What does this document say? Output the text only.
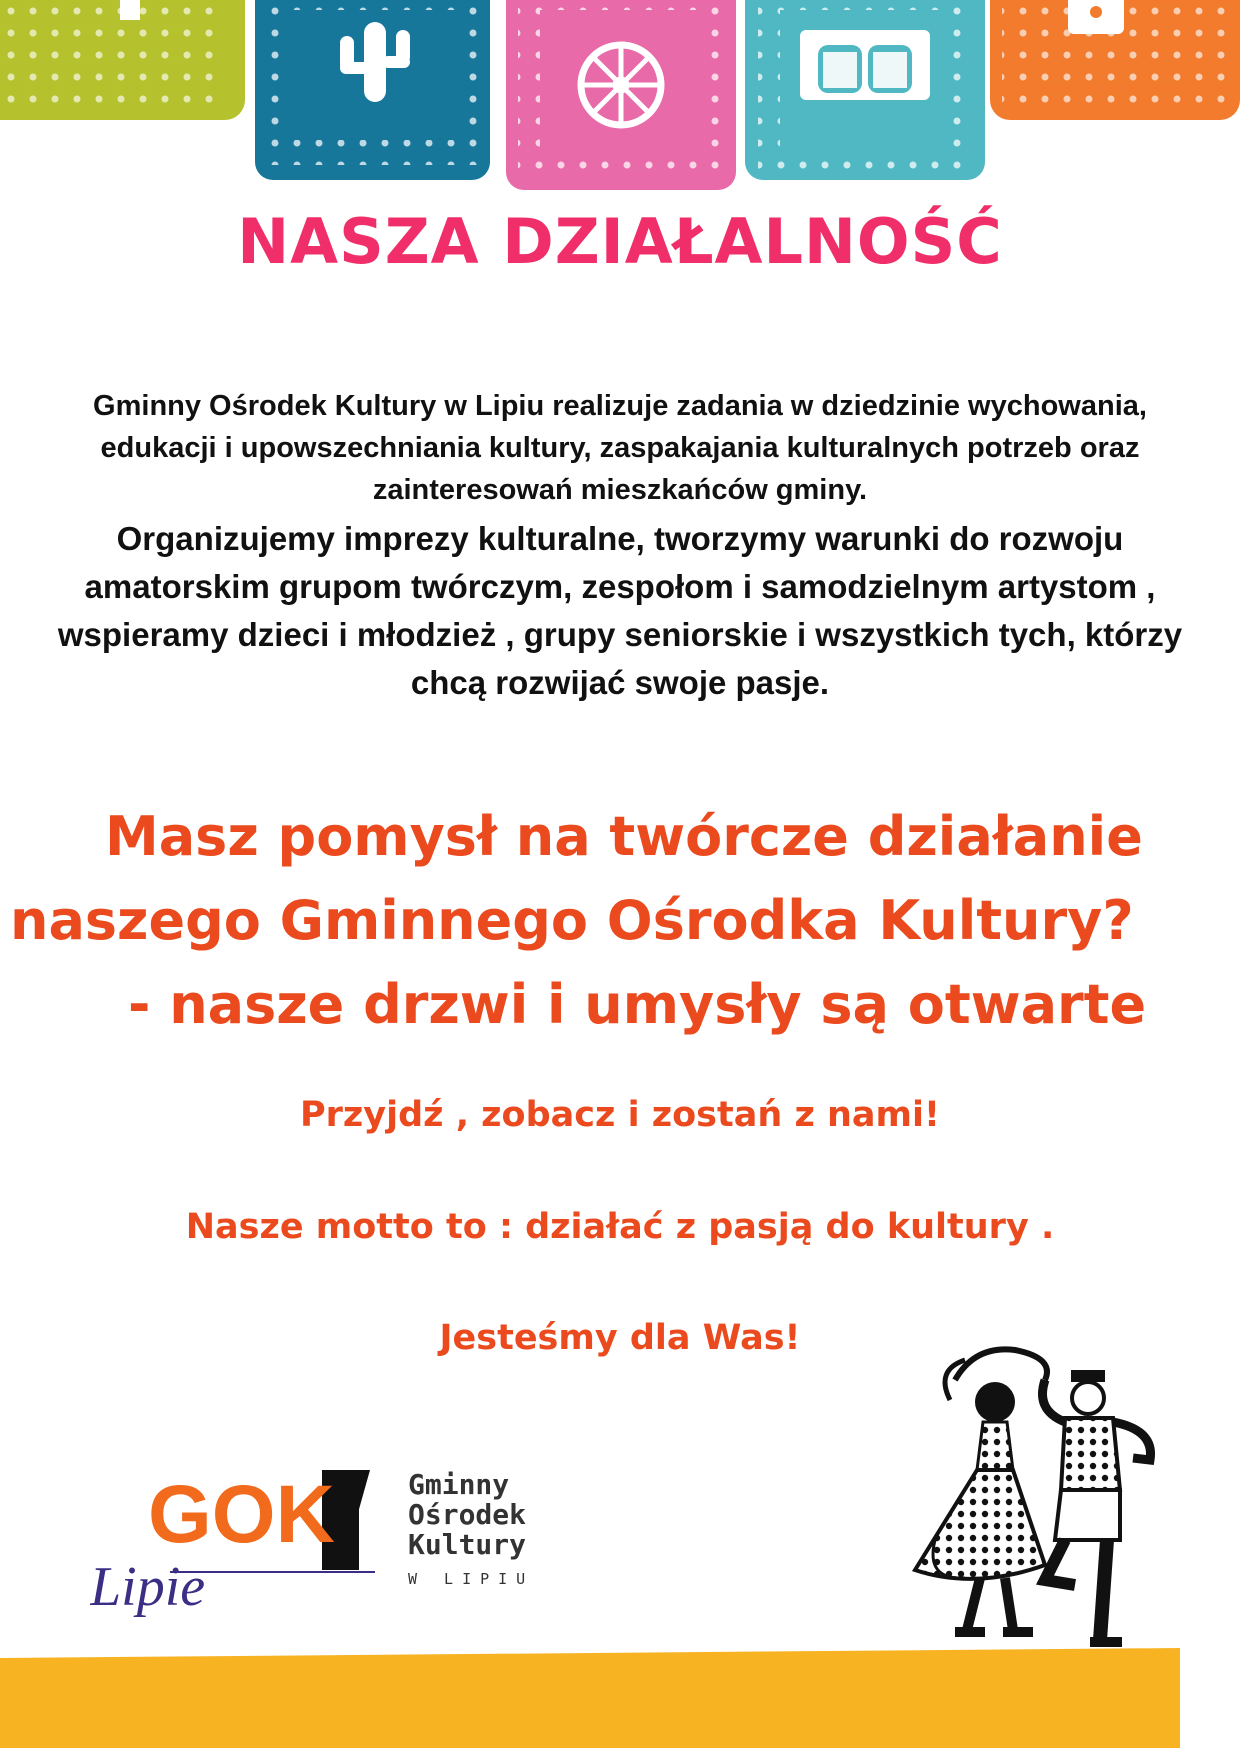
NASZA DZIAŁALNOŚĆ
Gminny Ośrodek Kultury w Lipiu realizuje zadania w dziedzinie wychowania,
edukacji i upowszechniania kultury, zaspakajania kulturalnych potrzeb oraz
zainteresowań mieszkańców gminy.
Organizujemy imprezy kulturalne, tworzymy warunki do rozwoju
amatorskim grupom twórczym, zespołom i samodzielnym artystom ,
wspieramy dzieci i młodzież , grupy seniorskie i wszystkich tych, którzy
chcą rozwijać swoje pasje.
Masz pomysł na twórcze działanie
naszego Gminnego Ośrodka Kultury?
- nasze drzwi i umysły są otwarte
Przyjdź , zobacz i zostań z nami!
Nasze motto to : działać z pasją do kultury .
Jesteśmy dla Was!
GOK
Lipie
Gminny
Ośrodek
Kultury
W LIPIU
